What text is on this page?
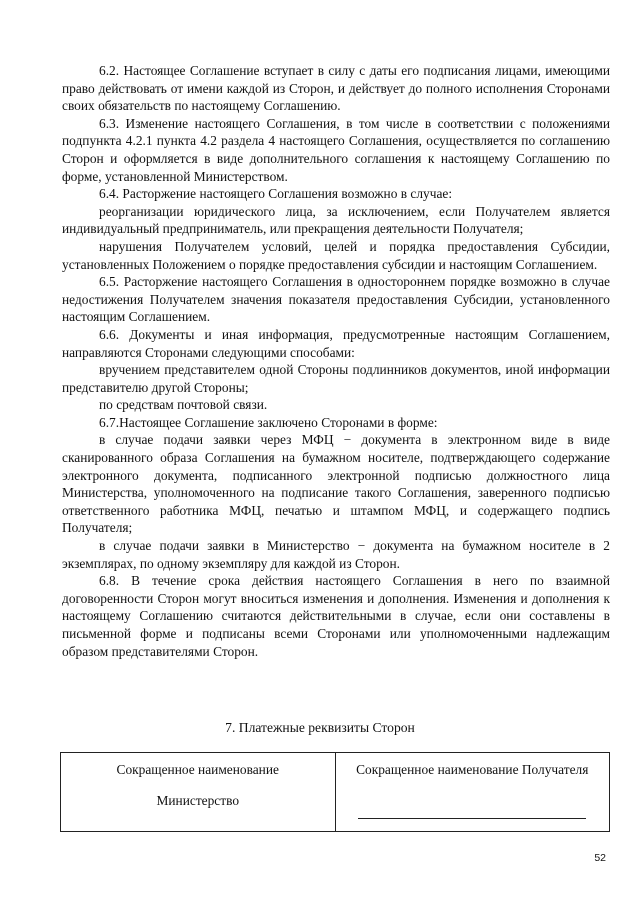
6.2. Настоящее Соглашение вступает в силу с даты его подписания лицами, имеющими право действовать от имени каждой из Сторон, и действует до полного исполнения Сторонами своих обязательств по настоящему Соглашению.

6.3. Изменение настоящего Соглашения, в том числе в соответствии с положениями подпункта 4.2.1 пункта 4.2 раздела 4 настоящего Соглашения, осуществляется по соглашению Сторон и оформляется в виде дополнительного соглашения к настоящему Соглашению по форме, установленной Министерством.

6.4. Расторжение настоящего Соглашения возможно в случае:

реорганизации юридического лица, за исключением, если Получателем является индивидуальный предприниматель, или прекращения деятельности Получателя;

нарушения Получателем условий, целей и порядка предоставления Субсидии, установленных Положением о порядке предоставления субсидии и настоящим Соглашением.

6.5. Расторжение настоящего Соглашения в одностороннем порядке возможно в случае недостижения Получателем значения показателя предоставления Субсидии, установленного настоящим Соглашением.

6.6. Документы и иная информация, предусмотренные настоящим Соглашением, направляются Сторонами следующими способами:

вручением представителем одной Стороны подлинников документов, иной информации представителю другой Стороны;

по средствам почтовой связи.

6.7.Настоящее Соглашение заключено Сторонами в форме:

в случае подачи заявки через МФЦ − документа в электронном виде в виде сканированного образа Соглашения на бумажном носителе, подтверждающего содержание электронного документа, подписанного электронной подписью должностного лица Министерства, уполномоченного на подписание такого Соглашения, заверенного подписью ответственного работника МФЦ, печатью и штампом МФЦ, и содержащего подпись Получателя;

в случае подачи заявки в Министерство − документа на бумажном носителе в 2 экземплярах, по одному экземпляру для каждой из Сторон.

6.8. В течение срока действия настоящего Соглашения в него по взаимной договоренности Сторон могут вноситься изменения и дополнения. Изменения и дополнения к настоящему Соглашению считаются действительными в случае, если они составлены в письменной форме и подписаны всеми Сторонами или уполномоченными надлежащим образом представителями Сторон.

7. Платежные реквизиты Сторон
Сокращенное наименование
Министерство
	Сокращенное наименование Получателя
52
